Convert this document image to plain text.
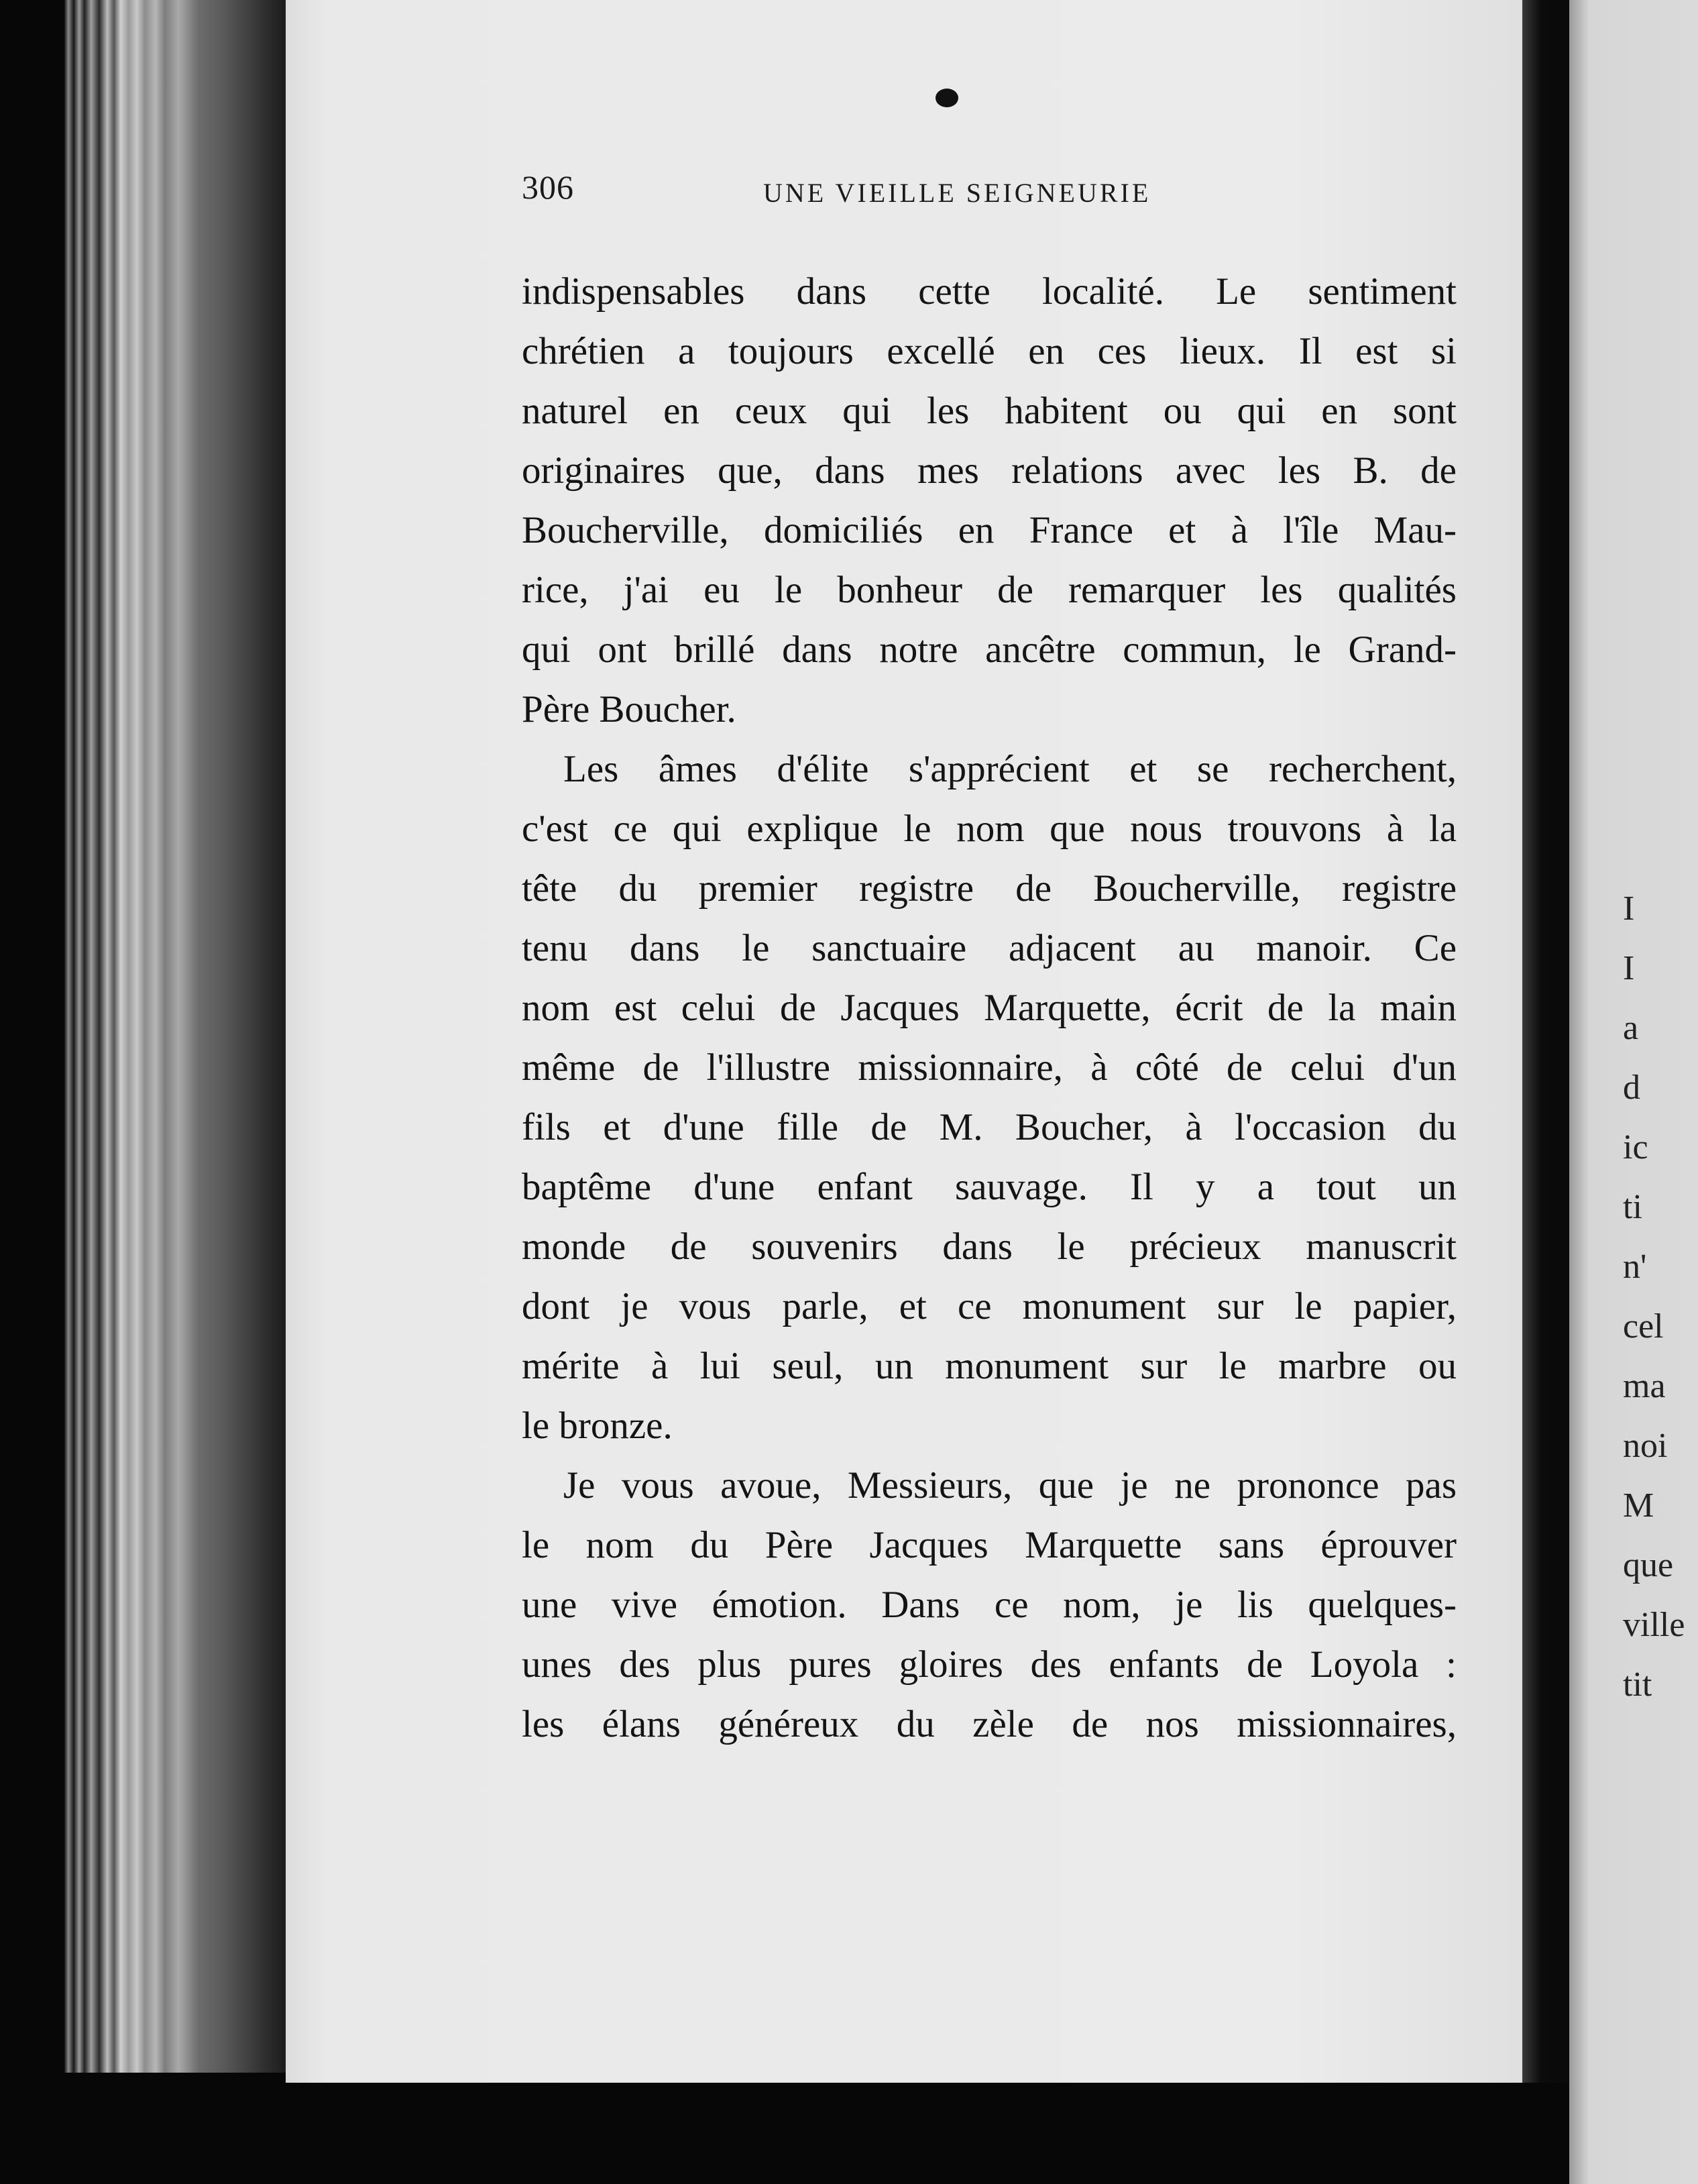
306	UNE VIEILLE SEIGNEURIE

indispensables dans cette localité. Le sentiment
chrétien a toujours excellé en ces lieux. Il est si
naturel en ceux qui les habitent ou qui en sont
originaires que, dans mes relations avec les B. de
Boucherville, domiciliés en France et à l'île Mau-
rice, j'ai eu le bonheur de remarquer les qualités
qui ont brillé dans notre ancêtre commun, le Grand-
Père Boucher.

Les âmes d'élite s'apprécient et se recherchent,
c'est ce qui explique le nom que nous trouvons à la
tête du premier registre de Boucherville, registre
tenu dans le sanctuaire adjacent au manoir. Ce
nom est celui de Jacques Marquette, écrit de la main
même de l'illustre missionnaire, à côté de celui d'un
fils et d'une fille de M. Boucher, à l'occasion du
baptême d'une enfant sauvage. Il y a tout un
monde de souvenirs dans le précieux manuscrit
dont je vous parle, et ce monument sur le papier,
mérite à lui seul, un monument sur le marbre ou
le bronze.

Je vous avoue, Messieurs, que je ne prononce pas
le nom du Père Jacques Marquette sans éprouver
une vive émotion. Dans ce nom, je lis quelques-
unes des plus pures gloires des enfants de Loyola :
les élans généreux du zèle de nos missionnaires,

I
I
a
d
ic
ti
n'
cel
ma
noi
M
que
ville
tit
